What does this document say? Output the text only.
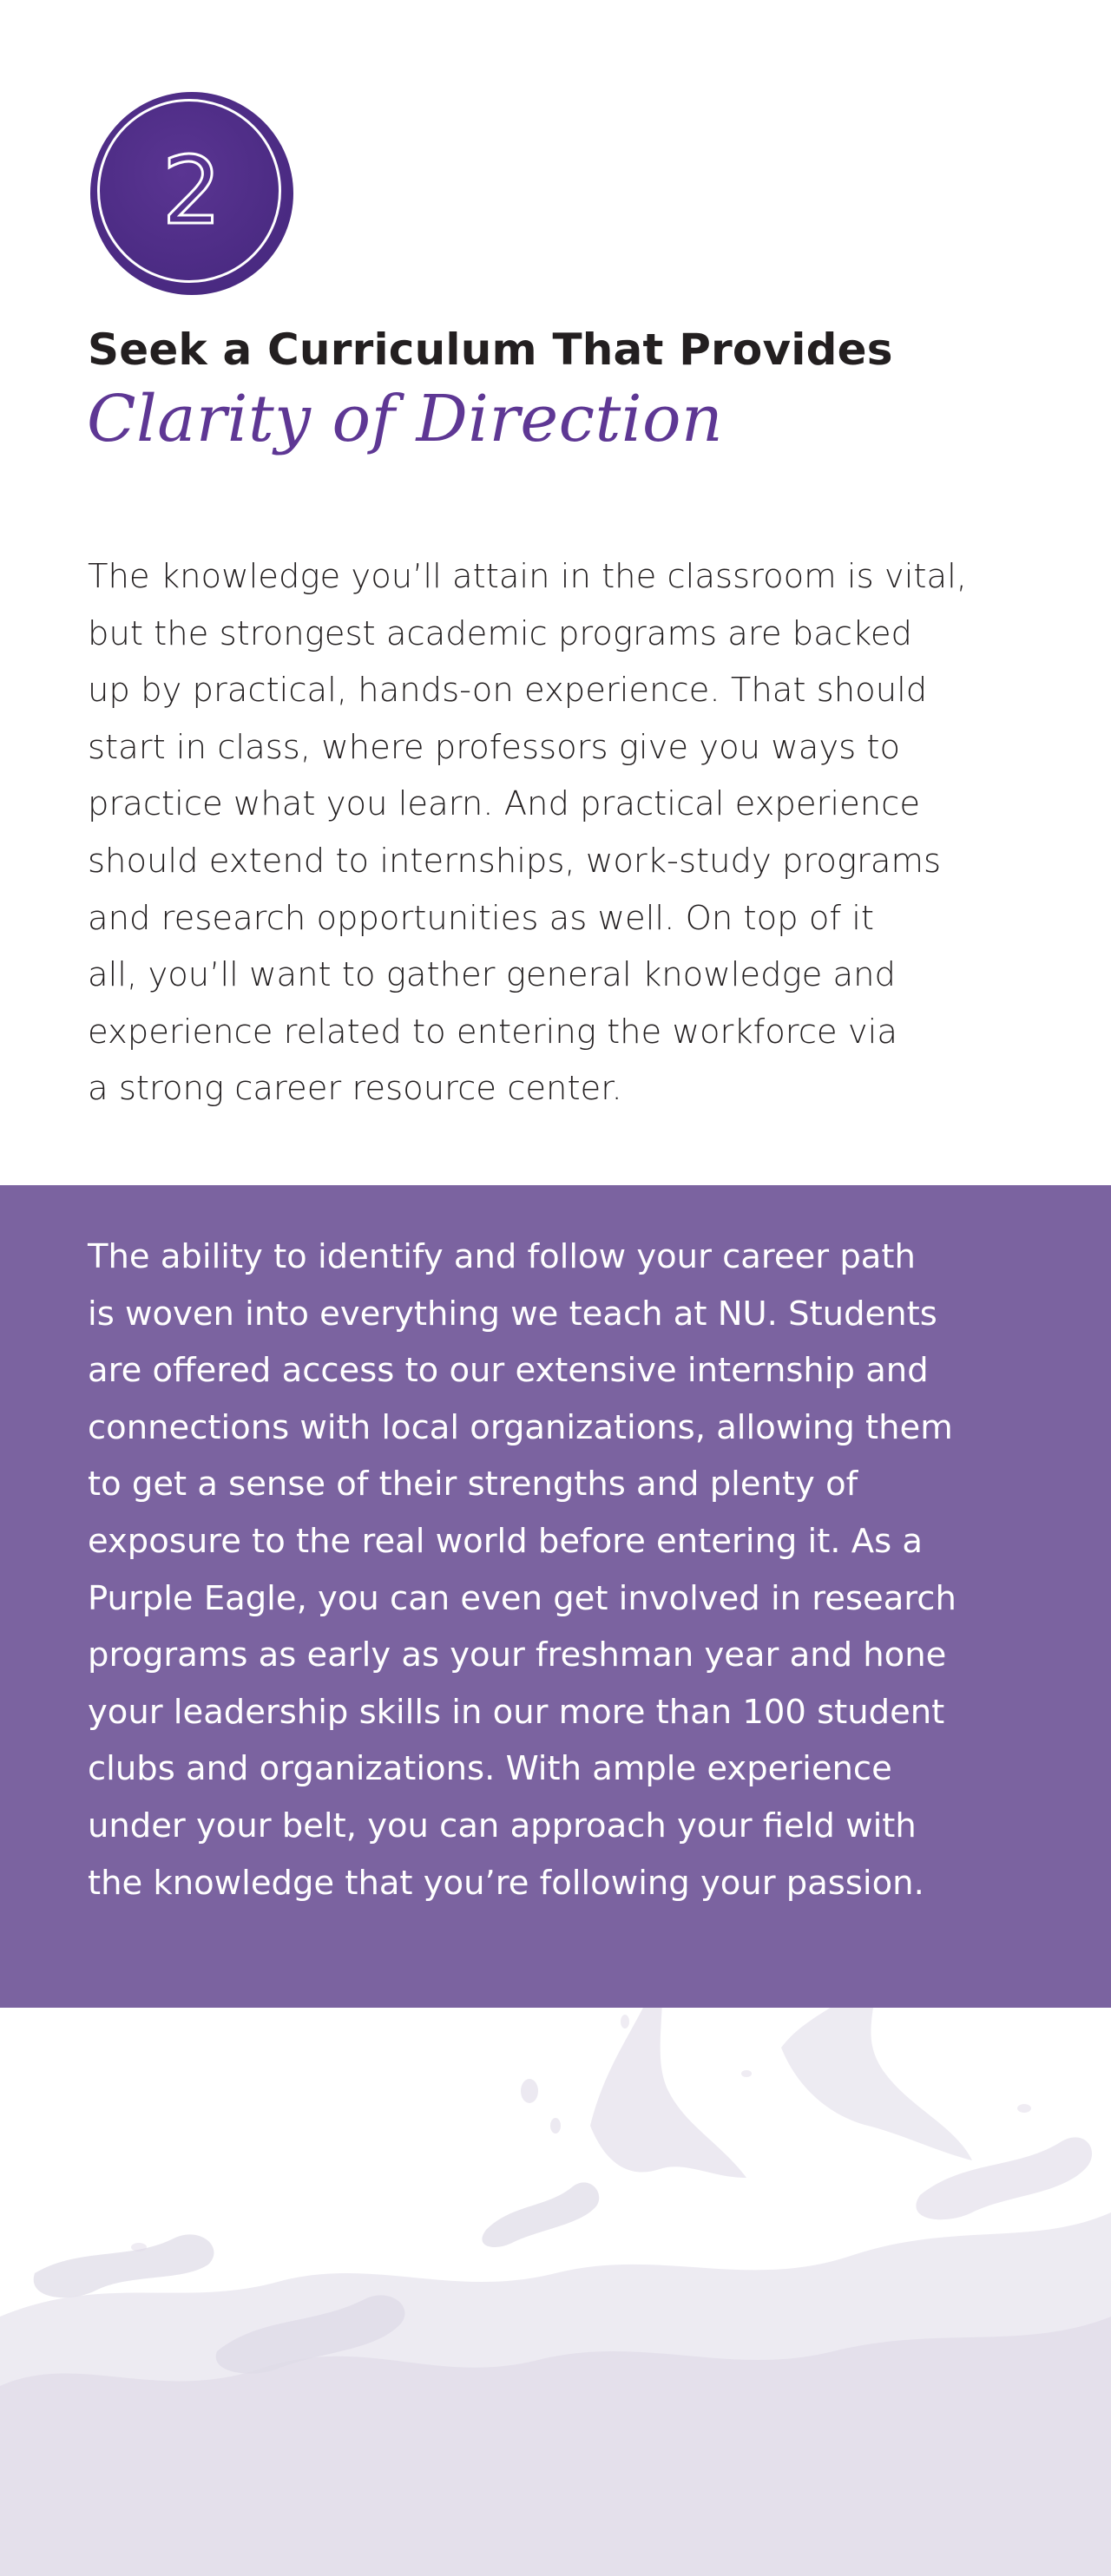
2
Seek a Curriculum That Provides
Clarity of Direction

The knowledge you’ll attain in the classroom is vital,
but the strongest academic programs are backed
up by practical, hands-on experience. That should
start in class, where professors give you ways to
practice what you learn. And practical experience
should extend to internships, work-study programs
and research opportunities as well. On top of it
all, you’ll want to gather general knowledge and
experience related to entering the workforce via
a strong career resource center.

The ability to identify and follow your career path
is woven into everything we teach at NU. Students
are offered access to our extensive internship and
connections with local organizations, allowing them
to get a sense of their strengths and plenty of
exposure to the real world before entering it. As a
Purple Eagle, you can even get involved in research
programs as early as your freshman year and hone
your leadership skills in our more than 100 student
clubs and organizations. With ample experience
under your belt, you can approach your field with
the knowledge that you’re following your passion.
